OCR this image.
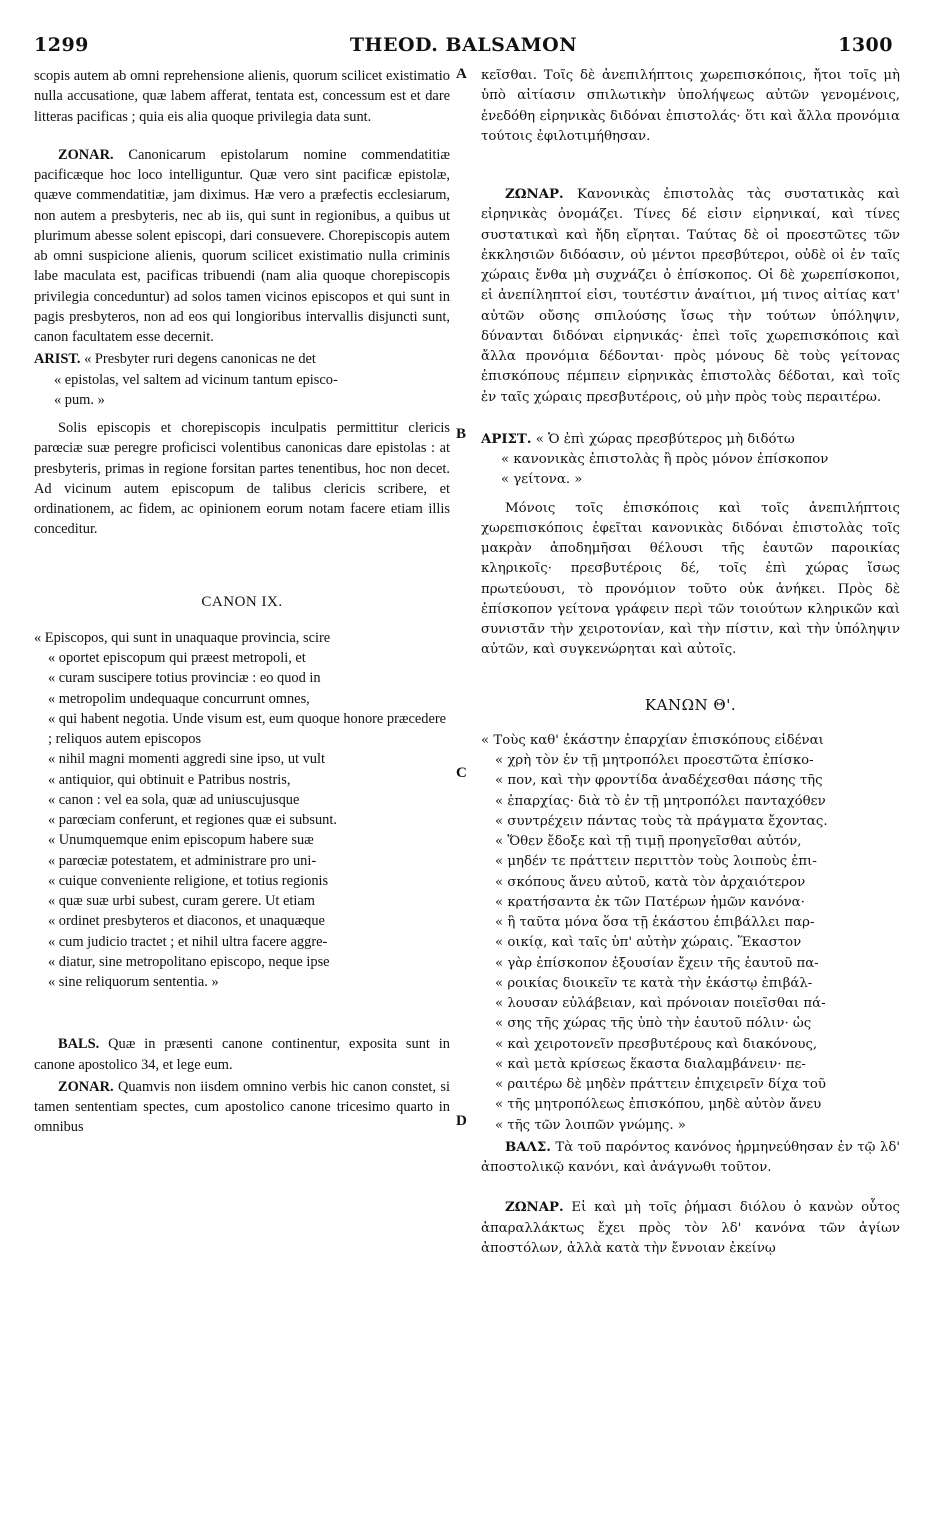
1299	THEOD. BALSAMON	1300
A
B
C
D

scopis autem ab omni reprehensione alienis, quorum scilicet existimatio nulla accusatione, quæ labem afferat, tentata est, concessum est et dare litteras pacificas ; quia eis alia quoque privilegia data sunt.

ZONAR. Canonicarum epistolarum nomine commendatitiæ pacificæque hoc loco intelliguntur. Quæ vero sint pacificæ epistolæ, quæve commendatitiæ, jam diximus. Hæ vero a præfectis ecclesiarum, non autem a presbyteris, nec ab iis, qui sunt in regionibus, a quibus ut plurimum abesse solent episcopi, dari consuevere. Chorepiscopis autem ab omni suspicione alienis, quorum scilicet existimatio nulla criminis labe maculata est, pacificas tribuendi (nam alia quoque chorepiscopis privilegia conceduntur) ad solos tamen vicinos episcopos et qui sunt in pagis presbyteros, non ad eos qui longioribus intervallis disjuncti sunt, canon facultatem esse decernit.

ARIST. « Presbyter ruri degens canonicas ne det
« epistolas, vel saltem ad vicinum tantum episco-
« pum. »

Solis episcopis et chorepiscopis inculpatis permittitur clericis parœciæ suæ peregre proficisci volentibus canonicas dare epistolas : at presbyteris, primas in regione forsitan partes tenentibus, hoc non decet. Ad vicinum autem episcopum de talibus clericis scribere, et ordinationem, ac fidem, ac opinionem eorum notam facere etiam illis conceditur.

CANON IX.
« Episcopos, qui sunt in unaquaque provincia, scire
« oportet episcopum qui præest metropoli, et
« curam suscipere totius provinciæ : eo quod in
« metropolim undequaque concurrunt omnes,
« qui habent negotia. Unde visum est, eum quoque honore præcedere ; reliquos autem episcopos
« nihil magni momenti aggredi sine ipso, ut vult
« antiquior, qui obtinuit e Patribus nostris,
« canon : vel ea sola, quæ ad uniuscujusque
« parœciam conferunt, et regiones quæ ei subsunt.
« Unumquemque enim episcopum habere suæ
« parœciæ potestatem, et administrare pro uni-
« cuique conveniente religione, et totius regionis
« quæ suæ urbi subest, curam gerere. Ut etiam
« ordinet presbyteros et diaconos, et unaquæque
« cum judicio tractet ; et nihil ultra facere aggre-
« diatur, sine metropolitano episcopo, neque ipse
« sine reliquorum sententia. »

BALS. Quæ in præsenti canone continentur, exposita sunt in canone apostolico 34, et lege eum.

ZONAR. Quamvis non iisdem omnino verbis hic canon constet, si tamen sententiam spectes, cum apostolico canone tricesimo quarto in omnibus

κεῖσθαι. Τοῖς δὲ ἀνεπιλήπτοις χωρεπισκόποις, ἤτοι τοῖς μὴ ὑπὸ αἰτίασιν σπιλωτικὴν ὑπολήψεως αὐτῶν γενομένοις, ἐνεδόθη εἰρηνικὰς διδόναι ἐπιστολάς· ὅτι καὶ ἄλλα προνόμια τούτοις ἐφιλοτιμήθησαν.

ΖΩΝΑΡ. Κανονικὰς ἐπιστολὰς τὰς συστατικὰς καὶ εἰρηνικὰς ὀνομάζει. Τίνες δέ εἰσιν εἰρηνικαί, καὶ τίνες συστατικαὶ καὶ ἤδη εἴρηται. Ταύτας δὲ οἱ προεστῶτες τῶν ἐκκλησιῶν διδόασιν, οὐ μέντοι πρεσβύτεροι, οὐδὲ οἱ ἐν ταῖς χώραις ἔνθα μὴ συχνάζει ὁ ἐπίσκοπος. Οἱ δὲ χωρεπίσκοποι, εἰ ἀνεπίληπτοί εἰσι, τουτέστιν ἀναίτιοι, μή τινος αἰτίας κατ' αὐτῶν οὔσης σπιλούσης ἴσως τὴν τούτων ὑπόληψιν, δύνανται διδόναι εἰρηνικάς· ἐπεὶ τοῖς χωρεπισκόποις καὶ ἄλλα προνόμια δέδονται· πρὸς μόνους δὲ τοὺς γείτονας ἐπισκόπους πέμπειν εἰρηνικὰς ἐπιστολὰς δέδοται, καὶ τοῖς ἐν ταῖς χώραις πρεσβυτέροις, οὐ μὴν πρὸς τοὺς περαιτέρω.

ΑΡΙΣΤ. « Ὁ ἐπὶ χώρας πρεσβύτερος μὴ διδότω
« κανονικὰς ἐπιστολὰς ἢ πρὸς μόνον ἐπίσκοπον
« γείτονα. »

Μόνοις τοῖς ἐπισκόποις καὶ τοῖς ἀνεπιλήπτοις χωρεπισκόποις ἐφεῖται κανονικὰς διδόναι ἐπιστολὰς τοῖς μακρὰν ἀποδημῆσαι θέλουσι τῆς ἑαυτῶν παροικίας κληρικοῖς· πρεσβυτέροις δέ, τοῖς ἐπὶ χώρας ἴσως πρωτεύουσι, τὸ προνόμιον τοῦτο οὐκ ἀνήκει. Πρὸς δὲ ἐπίσκοπον γείτονα γράφειν περὶ τῶν τοιούτων κληρικῶν καὶ συνιστᾶν τὴν χειροτονίαν, καὶ τὴν πίστιν, καὶ τὴν ὑπόληψιν αὐτῶν, καὶ συγκενώρηται καὶ αὐτοῖς.

ΚΑΝΩΝ Θ'.
« Τοὺς καθ' ἑκάστην ἐπαρχίαν ἐπισκόπους εἰδέναι
« χρὴ τὸν ἐν τῇ μητροπόλει προεστῶτα ἐπίσκο-
« πον, καὶ τὴν φροντίδα ἀναδέχεσθαι πάσης τῆς
« ἐπαρχίας· διὰ τὸ ἐν τῇ μητροπόλει πανταχόθεν
« συντρέχειν πάντας τοὺς τὰ πράγματα ἔχοντας.
« Ὅθεν ἔδοξε καὶ τῇ τιμῇ προηγεῖσθαι αὐτόν,
« μηδέν τε πράττειν περιττὸν τοὺς λοιποὺς ἐπι-
« σκόπους ἄνευ αὐτοῦ, κατὰ τὸν ἀρχαιότερον
« κρατήσαντα ἐκ τῶν Πατέρων ἡμῶν κανόνα·
« ἢ ταῦτα μόνα ὅσα τῇ ἑκάστου ἐπιβάλλει παρ-
« οικίᾳ, καὶ ταῖς ὑπ' αὐτὴν χώραις. Ἕκαστον
« γὰρ ἐπίσκοπον ἐξουσίαν ἔχειν τῆς ἑαυτοῦ πα-
« ροικίας διοικεῖν τε κατὰ τὴν ἑκάστῳ ἐπιβάλ-
« λουσαν εὐλάβειαν, καὶ πρόνοιαν ποιεῖσθαι πά-
« σης τῆς χώρας τῆς ὑπὸ τὴν ἑαυτοῦ πόλιν· ὡς
« καὶ χειροτονεῖν πρεσβυτέρους καὶ διακόνους,
« καὶ μετὰ κρίσεως ἕκαστα διαλαμβάνειν· πε-
« ραιτέρω δὲ μηδὲν πράττειν ἐπιχειρεῖν δίχα τοῦ
« τῆς μητροπόλεως ἐπισκόπου, μηδὲ αὐτὸν ἄνευ
« τῆς τῶν λοιπῶν γνώμης. »

ΒΑΛΣ. Τὰ τοῦ παρόντος κανόνος ἡρμηνεύθησαν ἐν τῷ λδ' ἀποστολικῷ κανόνι, καὶ ἀνάγνωθι τοῦτον.

ΖΩΝΑΡ. Εἰ καὶ μὴ τοῖς ῥήμασι διόλου ὁ κανὼν οὗτος ἀπαραλλάκτως ἔχει πρὸς τὸν λδ' κανόνα τῶν ἁγίων ἀποστόλων, ἀλλὰ κατὰ τὴν ἔννοιαν ἐκείνῳ
